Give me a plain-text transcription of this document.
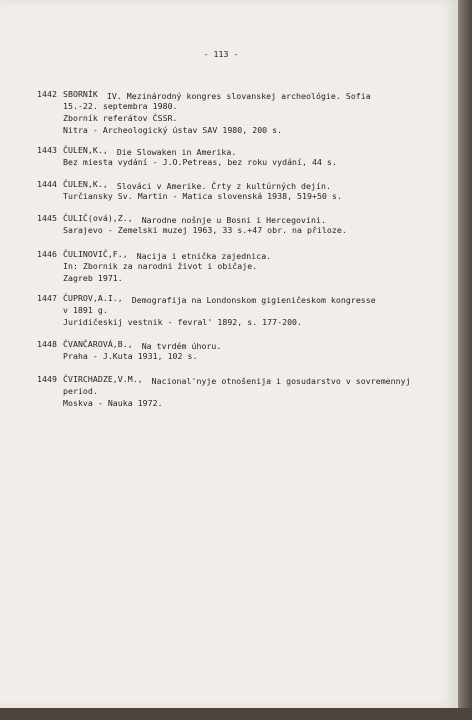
- 113 -
1442 SBORNÍK IV. Mezinárodný kongres slovanskej archeológie. Sofia
15.-22. septembra 1980.
Zborník referátov ČSSR.
Nitra - Archeologický ústav SAV 1980, 200 s.
1443 ČULEN,K., Die Slowaken in Amerika.
Bez miesta vydání - J.O.Petreas, bez roku vydání, 44 s.
1444 ČULEN,K., Slováci v Amerike. Črty z kultúrných dejín.
Turčiansky Sv. Martin - Matica slovenská 1938, 519+50 s.
1445 ČULIČ(ová),Z., Narodne nošnje u Bosni i Hercegovini.
Sarajevo - Zemelski muzej 1963, 33 s.+47 obr. na přiloze.
1446 ČULINOVIČ,F., Nacija i etnička zajednica.
In: Zbornik za narodni život i običaje.
Zagreb 1971.
1447 ČUPROV,A.I., Demografija na Londonskom gigieničeskom kongresse
v 1891 g.
Juridičeskij vestnik - fevral' 1892, s. 177-200.
1448 ČVANČAROVÁ,B., Na tvrdém úhoru.
Praha - J.Kuta 1931, 102 s.
1449 ČVIRCHADZE,V.M., Nacional'nyje otnošenija i gosudarstvo v sovremennyj
period.
Moskva - Nauka 1972.
